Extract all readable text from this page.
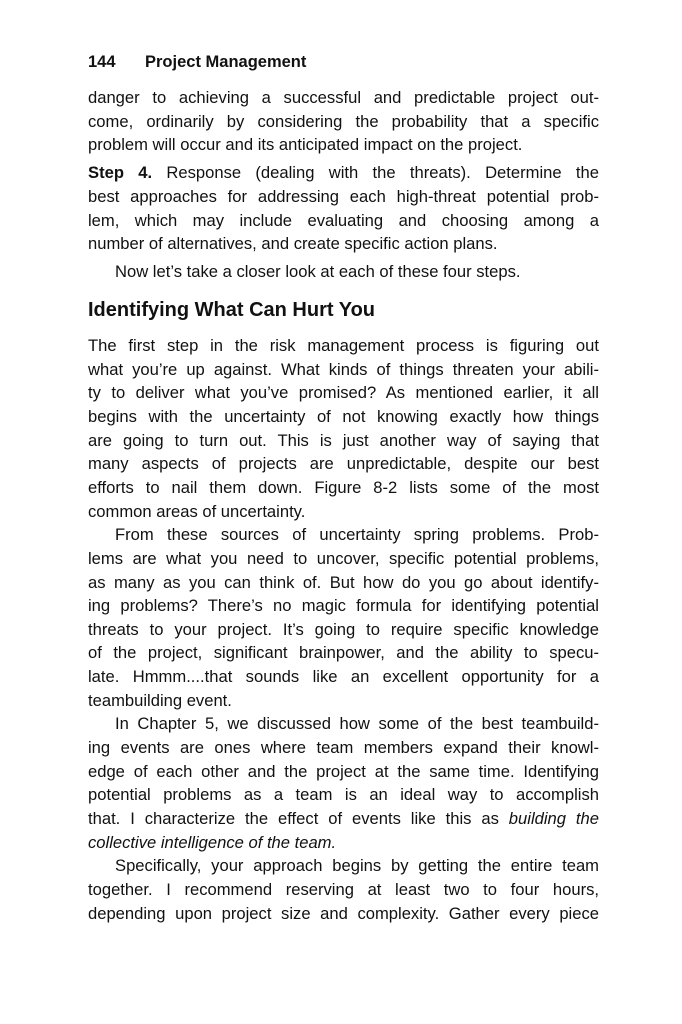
144 Project Management
danger to achieving a successful and predictable project out-
come, ordinarily by considering the probability that a specific
problem will occur and its anticipated impact on the project.
Step 4. Response (dealing with the threats). Determine the
best approaches for addressing each high-threat potential prob-
lem, which may include evaluating and choosing among a
number of alternatives, and create specific action plans.
Now let’s take a closer look at each of these four steps.
Identifying What Can Hurt You
The first step in the risk management process is figuring out
what you’re up against. What kinds of things threaten your abili-
ty to deliver what you’ve promised? As mentioned earlier, it all
begins with the uncertainty of not knowing exactly how things
are going to turn out. This is just another way of saying that
many aspects of projects are unpredictable, despite our best
efforts to nail them down. Figure 8-2 lists some of the most
common areas of uncertainty.
From these sources of uncertainty spring problems. Prob-
lems are what you need to uncover, specific potential problems,
as many as you can think of. But how do you go about identify-
ing problems? There’s no magic formula for identifying potential
threats to your project. It’s going to require specific knowledge
of the project, significant brainpower, and the ability to specu-
late. Hmmm....that sounds like an excellent opportunity for a
teambuilding event.
In Chapter 5, we discussed how some of the best teambuild-
ing events are ones where team members expand their knowl-
edge of each other and the project at the same time. Identifying
potential problems as a team is an ideal way to accomplish
that. I characterize the effect of events like this as building the
collective intelligence of the team.
Specifically, your approach begins by getting the entire team
together. I recommend reserving at least two to four hours,
depending upon project size and complexity. Gather every piece
